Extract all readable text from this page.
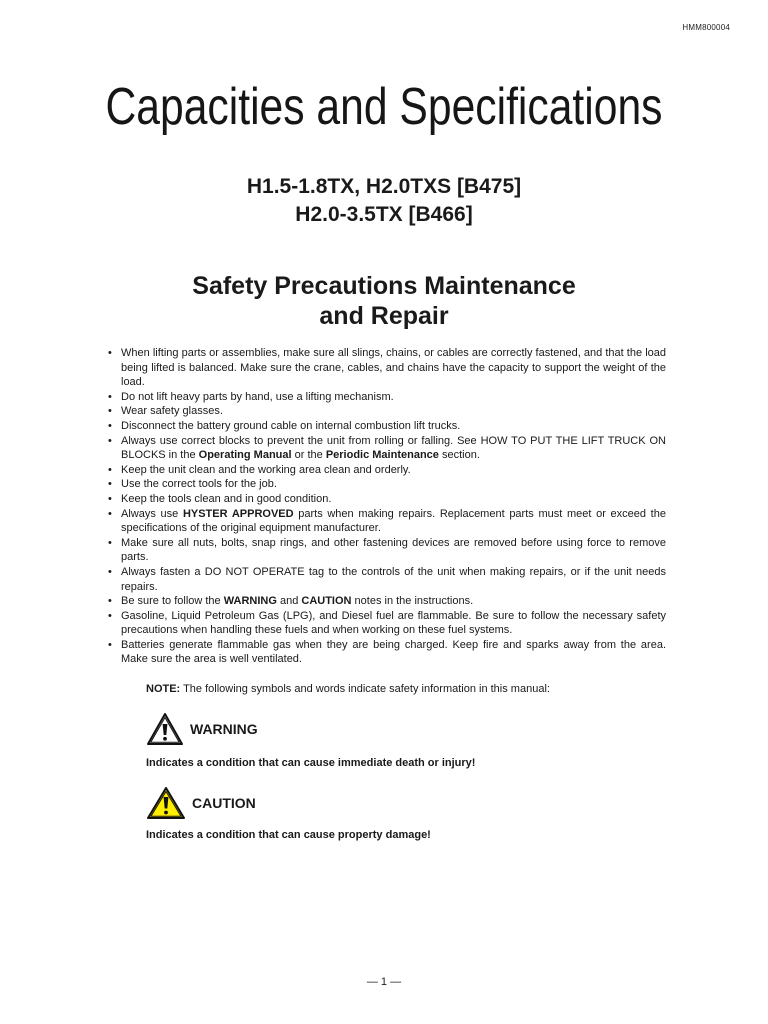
HMM800004
Capacities and Specifications
H1.5-1.8TX, H2.0TXS [B475]
H2.0-3.5TX [B466]
Safety Precautions Maintenance
and Repair
• When lifting parts or assemblies, make sure all slings, chains, or cables are correctly fastened, and that the load being lifted is balanced. Make sure the crane, cables, and chains have the capacity to support the weight of the load.
• Do not lift heavy parts by hand, use a lifting mechanism.
• Wear safety glasses.
• Disconnect the battery ground cable on internal combustion lift trucks.
• Always use correct blocks to prevent the unit from rolling or falling. See HOW TO PUT THE LIFT TRUCK ON BLOCKS in the Operating Manual or the Periodic Maintenance section.
• Keep the unit clean and the working area clean and orderly.
• Use the correct tools for the job.
• Keep the tools clean and in good condition.
• Always use HYSTER APPROVED parts when making repairs. Replacement parts must meet or exceed the specifications of the original equipment manufacturer.
• Make sure all nuts, bolts, snap rings, and other fastening devices are removed before using force to remove parts.
• Always fasten a DO NOT OPERATE tag to the controls of the unit when making repairs, or if the unit needs repairs.
• Be sure to follow the WARNING and CAUTION notes in the instructions.
• Gasoline, Liquid Petroleum Gas (LPG), and Diesel fuel are flammable. Be sure to follow the necessary safety precautions when handling these fuels and when working on these fuel systems.
• Batteries generate flammable gas when they are being charged. Keep fire and sparks away from the area. Make sure the area is well ventilated.
NOTE: The following symbols and words indicate safety information in this manual:
WARNING
Indicates a condition that can cause immediate death or injury!
CAUTION
Indicates a condition that can cause property damage!
— 1 —
